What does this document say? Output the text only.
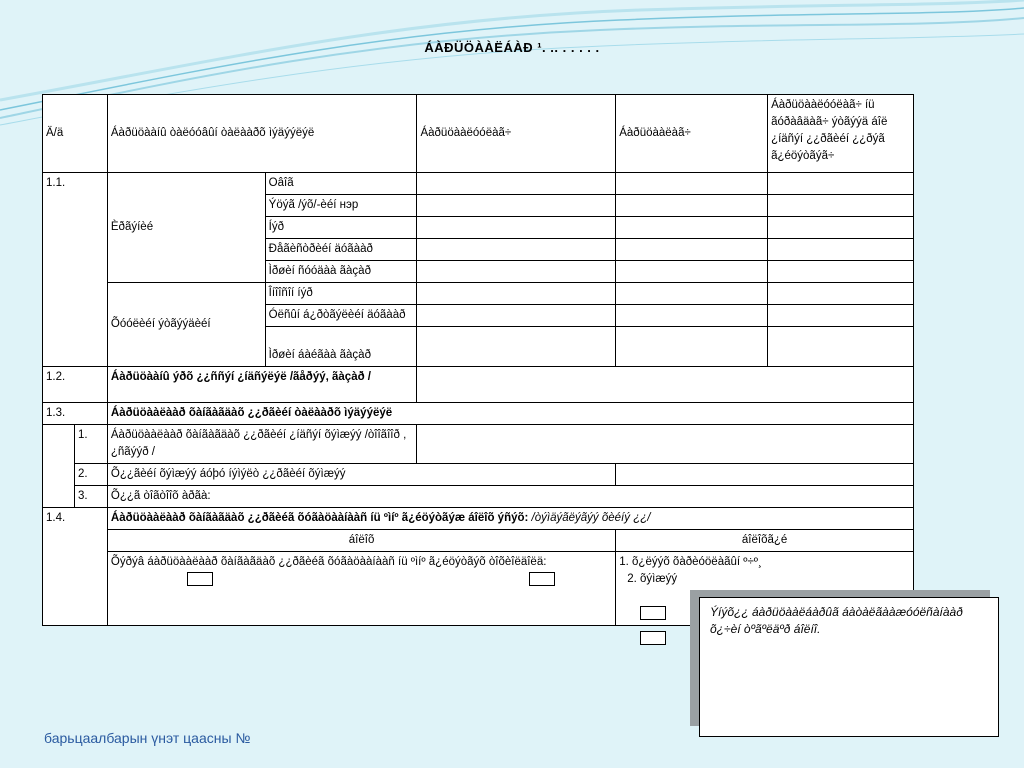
ÁÀÐÜÖÀÀËÁÀÐ ¹. .. . . . . .
Ä/ä		Áàðüöààíû òàëóóâûí òàëààðõ ìýäýýëýë		Áàðüöààëóóëàã÷	Áàðüöààëàã÷	Áàðüöààëóóëàã÷ íü ãóðàâäàã÷ ýòãýýä áîë ¿íäñýí ¿¿ðãèéí ¿¿ðýã ã¿éöýòãýã÷
1.1.		Èðãýíèé	Oâîã			
			Ýöýã /ýõ/-èéí нэр			
			Íýð			
			Ðåãèñòðèéí äóãààð			
			Ìðøèí ñóóäàà ãàçàð			
		Õóóëèéí ýòãýýäèéí	Îíîîñîí íýð			
			Óëñûí á¿ðòãýëèéí äóãààð			
			Ìðøèí áàéãàà ãàçàð			
1.2.		Áàðüöààíû ýðõ ¿¿ññýí ¿íäñýëýë /ãåðýý, ãàçàð /				
1.3.		Áàðüöààëààð õàíãàãäàõ ¿¿ðãèéí òàëààðõ ìýäýýëýë				
	1.	Áàðüöààëààð õàíãàãäàõ ¿¿ðãèéí ¿íäñýí õýìæýý /òîîãîîð , ¿ñãýýð /				
	2.	Õ¿¿ãèéí õýìæýý áóþó íýìýëò ¿¿ðãèéí õýìæýý				
	3.	Õ¿¿ã òîãòîîõ àðãà:				
1.4.		Áàðüöààëààð õàíãàãäàõ ¿¿ðãèéã õóãàöààíààñ íü ºìíº ã¿éöýòãýæ áîëîõ ýñýõ: /òýìäýãëýãýý õèéíý ¿¿/				
		áîëîõ			áîëîõã¿é	
		Õýðýâ áàðüöààëààð õàíãàãäàõ ¿¿ðãèéã õóãàöààíààñ íü ºìíº ã¿éöýòãýõ òîõèîëäîëä:			1. õ¿ëýýõ õàðèóöëàãûí º÷º¸
2. õýìæýý	
Ýíýõ¿¿ áàðüöààëáàðûã áàòàëãààæóóëñàíààð õ¿÷èí òºãºëäºð áîëíî.
барьцаалбарын үнэт цаасны №
